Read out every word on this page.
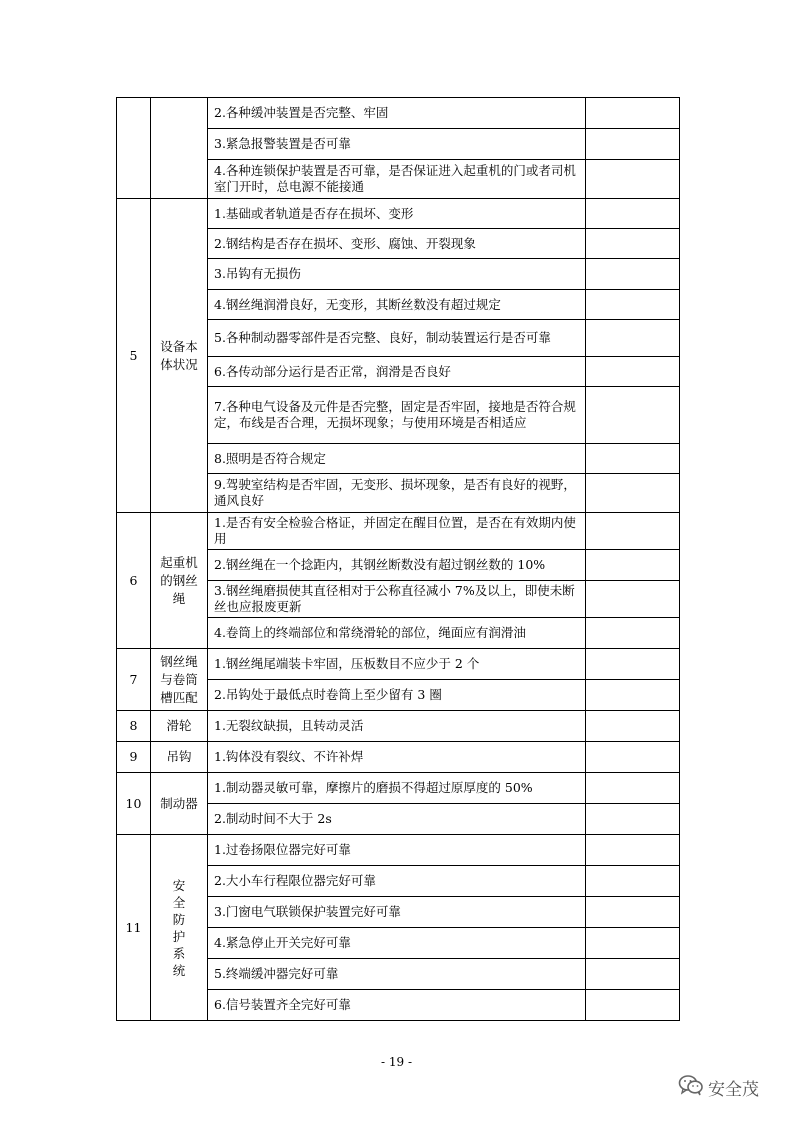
		2.各种缓冲装置是否完整、牢固	
		3.紧急报警装置是否可靠	
		4.各种连锁保护装置是否可靠，是否保证进入起重机的门或者司机室门开时，总电源不能接通	
5	设备本体状况	1.基础或者轨道是否存在损坏、变形	
		2.钢结构是否存在损坏、变形、腐蚀、开裂现象	
		3.吊钩有无损伤	
		4.钢丝绳润滑良好，无变形，其断丝数没有超过规定	
		5.各种制动器零部件是否完整、良好，制动装置运行是否可靠	
		6.各传动部分运行是否正常，润滑是否良好	
		7.各种电气设备及元件是否完整，固定是否牢固，接地是否符合规定，布线是否合理，无损坏现象；与使用环境是否相适应	
		8.照明是否符合规定	
		9.驾驶室结构是否牢固，无变形、损坏现象，是否有良好的视野，通风良好	
6	起重机的钢丝绳	1.是否有安全检验合格证，并固定在醒目位置，是否在有效期内使用	
		2.钢丝绳在一个捻距内，其钢丝断数没有超过钢丝数的 10%	
		3.钢丝绳磨损使其直径相对于公称直径减小 7%及以上，即使未断丝也应报废更新	
		4.卷筒上的终端部位和常绕滑轮的部位，绳面应有润滑油	
7	钢丝绳与卷筒槽匹配	1.钢丝绳尾端装卡牢固，压板数目不应少于 2 个	
		2.吊钩处于最低点时卷筒上至少留有 3 圈	
8	滑轮	1.无裂纹缺损，且转动灵活	
9	吊钩	1.钩体没有裂纹、不许补焊	
10	制动器	1.制动器灵敏可靠，摩擦片的磨损不得超过原厚度的 50%	
		2.制动时间不大于 2s	
11	安全防护系统	1.过卷扬限位器完好可靠	
		2.大小车行程限位器完好可靠	
		3.门窗电气联锁保护装置完好可靠	
		4.紧急停止开关完好可靠	
		5.终端缓冲器完好可靠	
		6.信号装置齐全完好可靠	
- 19 -
安全茂
